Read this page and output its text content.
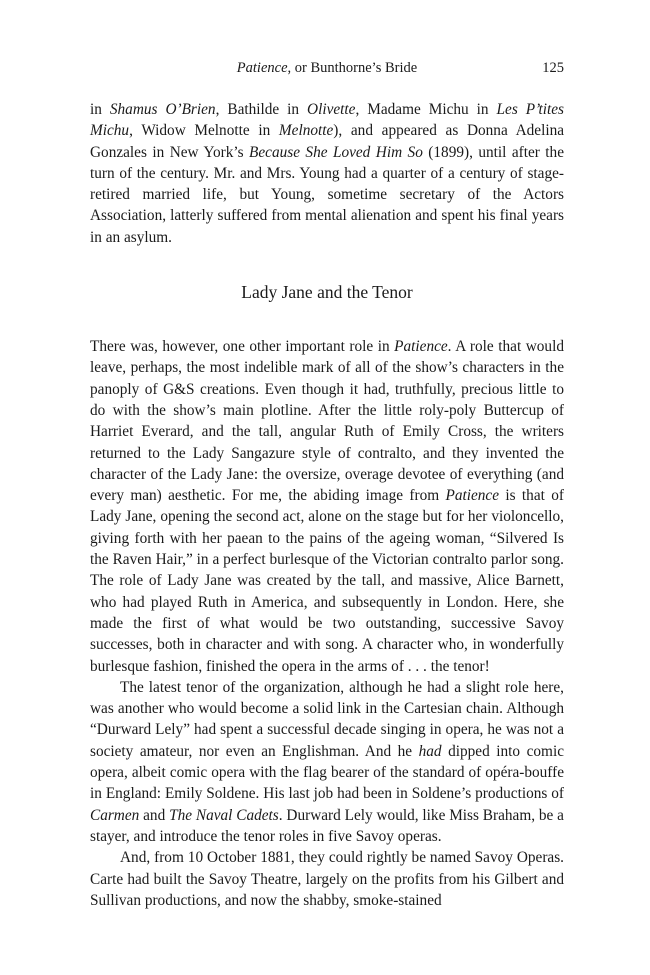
Patience, or Bunthorne’s Bride	125

in Shamus O’Brien, Bathilde in Olivette, Madame Michu in Les P’tites Michu, Widow Melnotte in Melnotte), and appeared as Donna Adelina Gonzales in New York’s Because She Loved Him So (1899), until after the turn of the century. Mr. and Mrs. Young had a quarter of a century of stage-retired married life, but Young, sometime secretary of the Actors Association, latterly suffered from mental alienation and spent his final years in an asylum.

Lady Jane and the Tenor

There was, however, one other important role in Patience. A role that would leave, perhaps, the most indelible mark of all of the show’s characters in the panoply of G&S creations. Even though it had, truthfully, precious little to do with the show’s main plotline. After the little roly-poly Buttercup of Harriet Everard, and the tall, angular Ruth of Emily Cross, the writers returned to the Lady Sangazure style of contralto, and they invented the character of the Lady Jane: the oversize, overage devotee of everything (and every man) aesthetic. For me, the abiding image from Patience is that of Lady Jane, opening the second act, alone on the stage but for her violoncello, giving forth with her paean to the pains of the ageing woman, “Silvered Is the Raven Hair,” in a perfect burlesque of the Victorian contralto parlor song. The role of Lady Jane was created by the tall, and massive, Alice Barnett, who had played Ruth in America, and subsequently in London. Here, she made the first of what would be two outstanding, successive Savoy successes, both in character and with song. A character who, in wonderfully burlesque fashion, finished the opera in the arms of . . . the tenor!

The latest tenor of the organization, although he had a slight role here, was another who would become a solid link in the Cartesian chain. Although “Durward Lely” had spent a successful decade singing in opera, he was not a society amateur, nor even an Englishman. And he had dipped into comic opera, albeit comic opera with the flag bearer of the standard of opéra-bouffe in England: Emily Soldene. His last job had been in Soldene’s productions of Carmen and The Naval Cadets. Durward Lely would, like Miss Braham, be a stayer, and introduce the tenor roles in five Savoy operas.

And, from 10 October 1881, they could rightly be named Savoy Operas. Carte had built the Savoy Theatre, largely on the profits from his Gilbert and Sullivan productions, and now the shabby, smoke-stained
